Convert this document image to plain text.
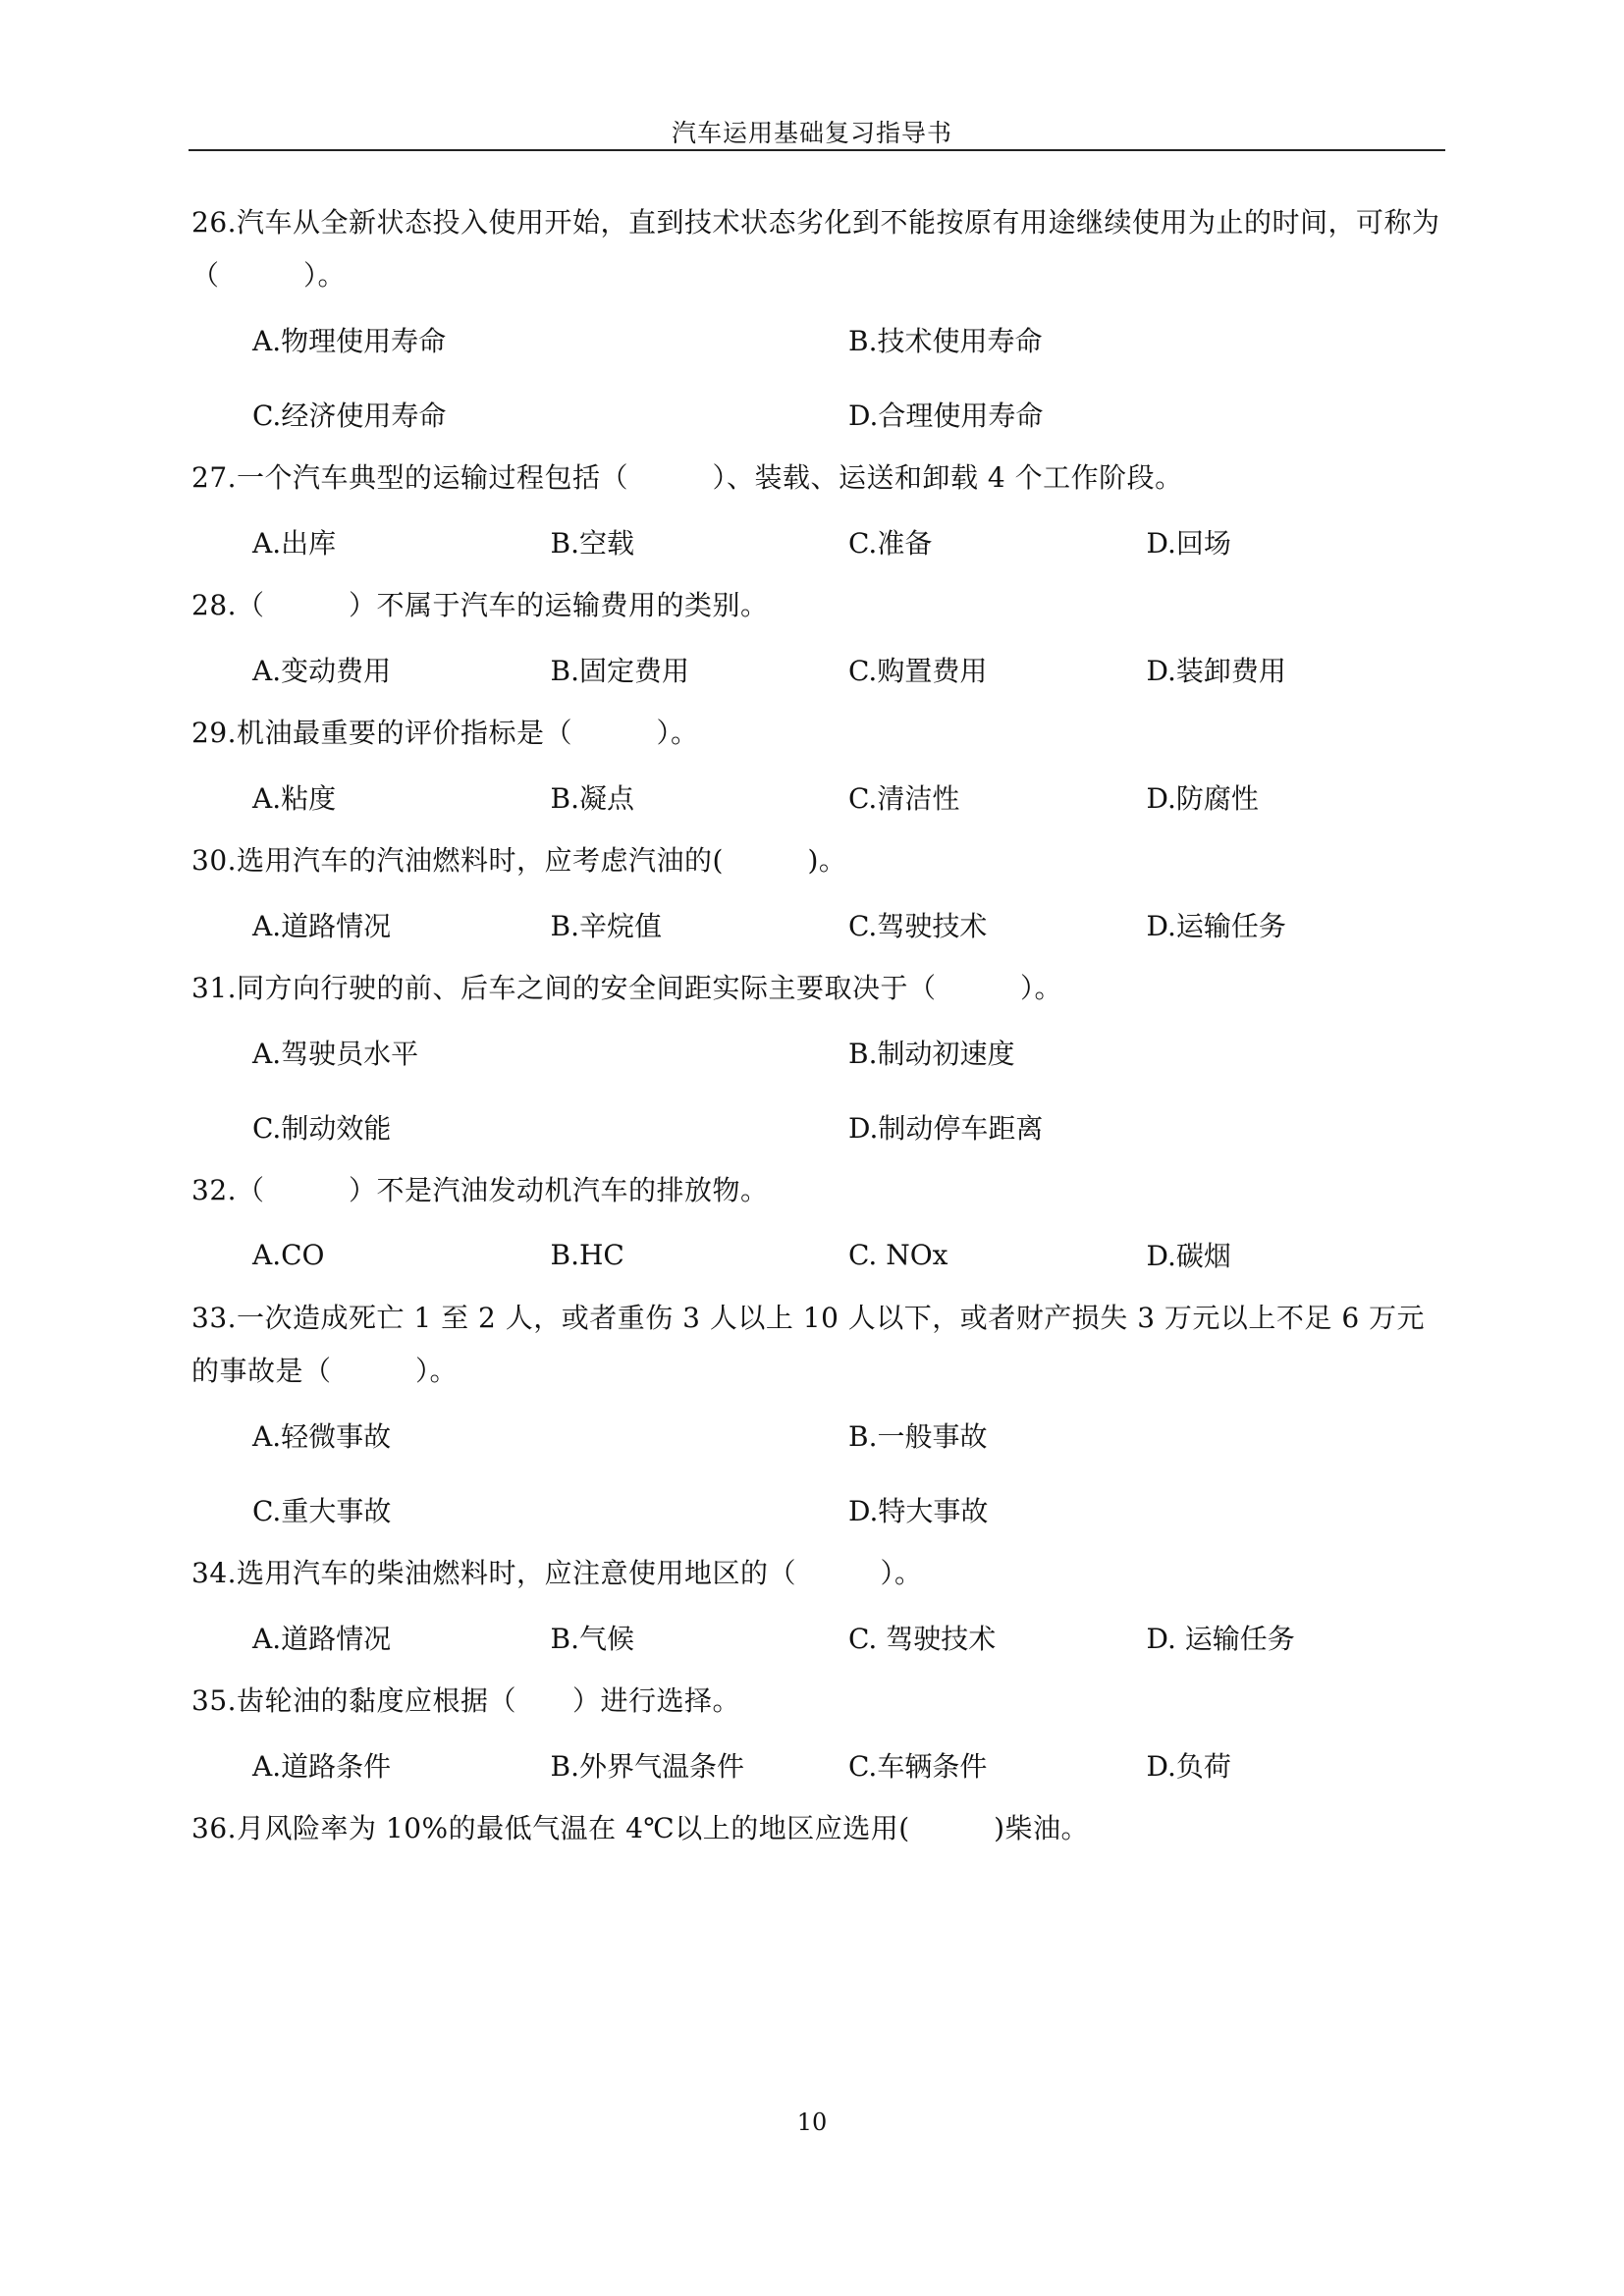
汽车运用基础复习指导书
26.汽车从全新状态投入使用开始，直到技术状态劣化到不能按原有用途继续使用为止的时间，可称为（　　　）。
A.物理使用寿命	B.技术使用寿命
C.经济使用寿命	D.合理使用寿命
27.一个汽车典型的运输过程包括（　　　）、装载、运送和卸载 4 个工作阶段。
A.出库	B.空载	C.准备	D.回场
28.（　　　）不属于汽车的运输费用的类别。
A.变动费用	B.固定费用	C.购置费用	D.装卸费用
29.机油最重要的评价指标是（　　　）。
A.粘度	B.凝点	C.清洁性	D.防腐性
30.选用汽车的汽油燃料时，应考虑汽油的(　　　)。
A.道路情况	B.辛烷值	C.驾驶技术	D.运输任务
31.同方向行驶的前、后车之间的安全间距实际主要取决于（　　　）。
A.驾驶员水平	B.制动初速度
C.制动效能	D.制动停车距离
32.（　　　）不是汽油发动机汽车的排放物。
A.CO	B.HC	C. NOx	D.碳烟
33.一次造成死亡 1 至 2 人，或者重伤 3 人以上 10 人以下，或者财产损失 3 万元以上不足 6 万元的事故是（　　　）。
A.轻微事故	B.一般事故
C.重大事故	D.特大事故
34.选用汽车的柴油燃料时，应注意使用地区的（　　　）。
A.道路情况	B.气候	C. 驾驶技术	D. 运输任务
35.齿轮油的黏度应根据（　　）进行选择。
A.道路条件	B.外界气温条件	C.车辆条件	D.负荷
36.月风险率为 10%的最低气温在 4℃以上的地区应选用(　　　)柴油。
10
